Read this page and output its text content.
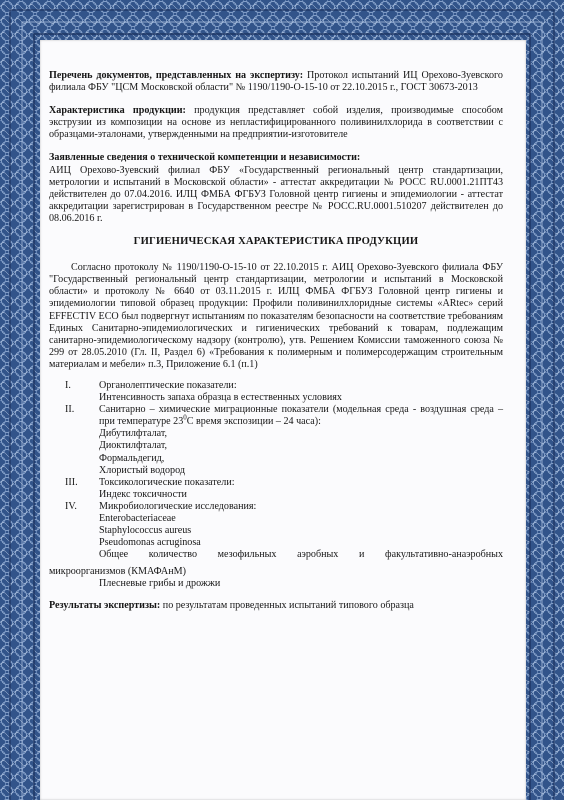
Перечень документов, представленных на экспертизу: Протокол испытаний ИЦ Орехово-Зуевского филиала ФБУ "ЦСМ Московской области" № 1190/1190-О-15-10 от 22.10.2015 г., ГОСТ 30673-2013

Характеристика продукции: продукция представляет собой изделия, производимые способом экструзии из композиции на основе из непластифицированного поливинилхлорида в соответствии с образцами-эталонами, утвержденными на предприятии-изготовителе

Заявленные сведения о технической компетенции и независимости:
АИЦ Орехово-Зуевский филиал ФБУ «Государственный региональный центр стандартизации, метрологии и испытаний в Московской области» - аттестат аккредитации № РОСС RU.0001.21ПТ43 действителен до 07.04.2016. ИЛЦ ФМБА ФГБУЗ Головной центр гигиены и эпидемиологии - аттестат аккредитации зарегистрирован в Государственном реестре № РОСС.RU.0001.510207 действителен до 08.06.2016 г.

ГИГИЕНИЧЕСКАЯ ХАРАКТЕРИСТИКА ПРОДУКЦИИ

Согласно протоколу № 1190/1190-О-15-10 от 22.10.2015 г. АИЦ Орехово-Зуевского филиала ФБУ "Государственный региональный центр стандартизации, метрологии и испытаний в Московской области» и протоколу № 6640 от 03.11.2015 г. ИЛЦ ФМБА ФГБУЗ Головной центр гигиены и эпидемиологии типовой образец продукции: Профили поливинилхлоридные системы «ARtec» серий EFFECTIV ECO был подвергнут испытаниям по показателям безопасности на соответствие требованиям Единых Санитарно-эпидемиологических и гигиенических требований к товарам, подлежащим санитарно-эпидемиологическому надзору (контролю), утв. Решением Комиссии таможенного союза № 299 от 28.05.2010 (Гл. II, Раздел 6) «Требования к полимерным и полимерсодержащим строительным материалам и мебели» п.3, Приложение 6.1 (п.1)

I.	Органолептические показатели:
Интенсивность запаха образца в естественных условиях
II.	Санитарно – химические миграционные показатели (модельная среда - воздушная среда –при температуре $23^0С$ время экспозиции – 24 часа):
Дибутилфталат,
Диоктилфталат,
Формальдегид,
Хлористый водород
III.	Токсикологические показатели:
Индекс токсичности
IV.	Микробиологические исследования:
Enterobacteriaceae
Staphylococcus aureus
Pseudomonas acruginosa
Общее количество мезофильных аэробных и факультативно-анаэробных
микроорганизмов (КМАФАнМ)
Плесневые грибы и дрожжи

Результаты экспертизы: по результатам проведенных испытаний типового образца
